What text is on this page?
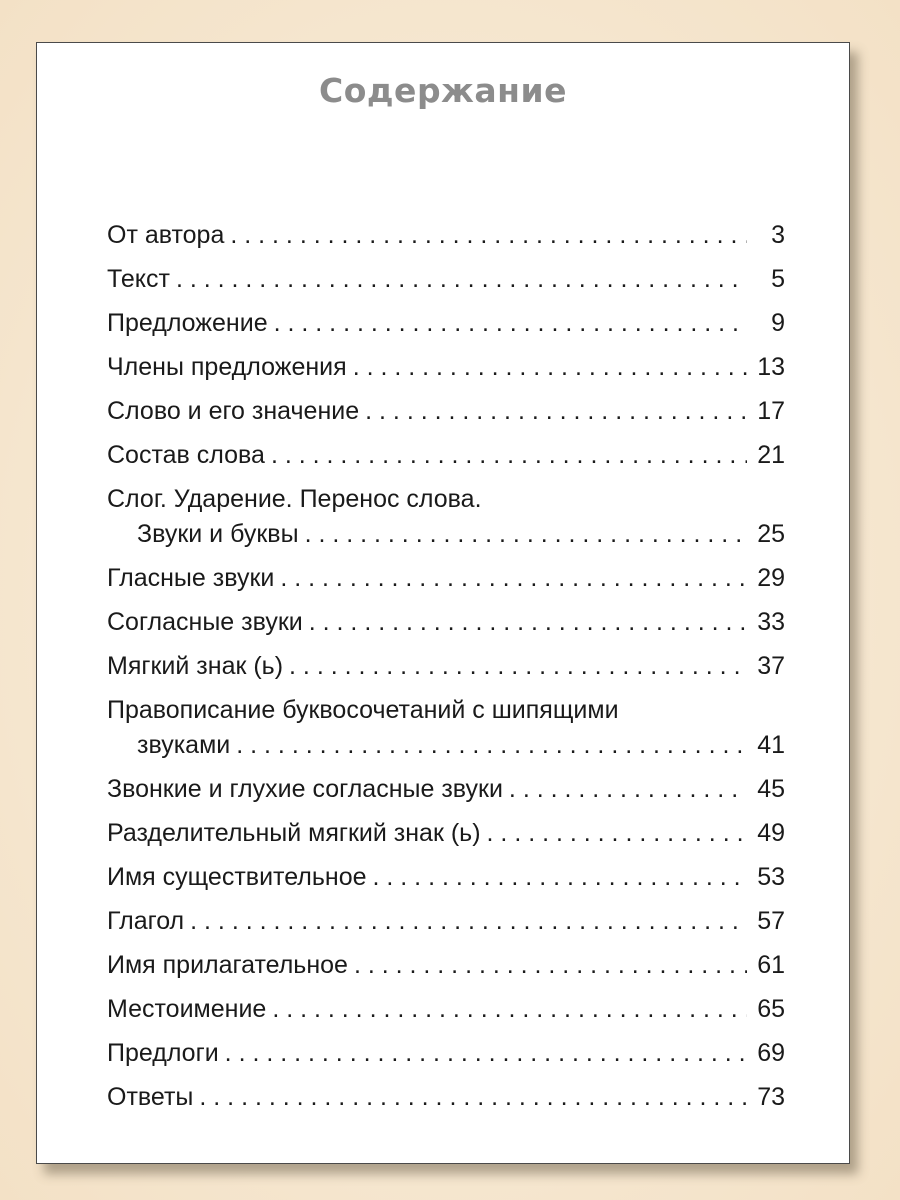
Содержание
От автора . . .	3
Текст . . .	5
Предложение . . .	9
Члены предложения . . .	13
Слово и его значение . . .	17
Состав слова . . .	21
Слог. Ударение. Перенос слова.
Звуки и буквы . . .	25
Гласные звуки . . .	29
Согласные звуки . . .	33
Мягкий знак (ь) . . .	37
Правописание буквосочетаний с шипящими
звуками . . .	41
Звонкие и глухие согласные звуки . . .	45
Разделительный мягкий знак (ь) . . .	49
Имя существительное . . .	53
Глагол . . .	57
Имя прилагательное . . .	61
Местоимение . . .	65
Предлоги . . .	69
Ответы . . .	73
